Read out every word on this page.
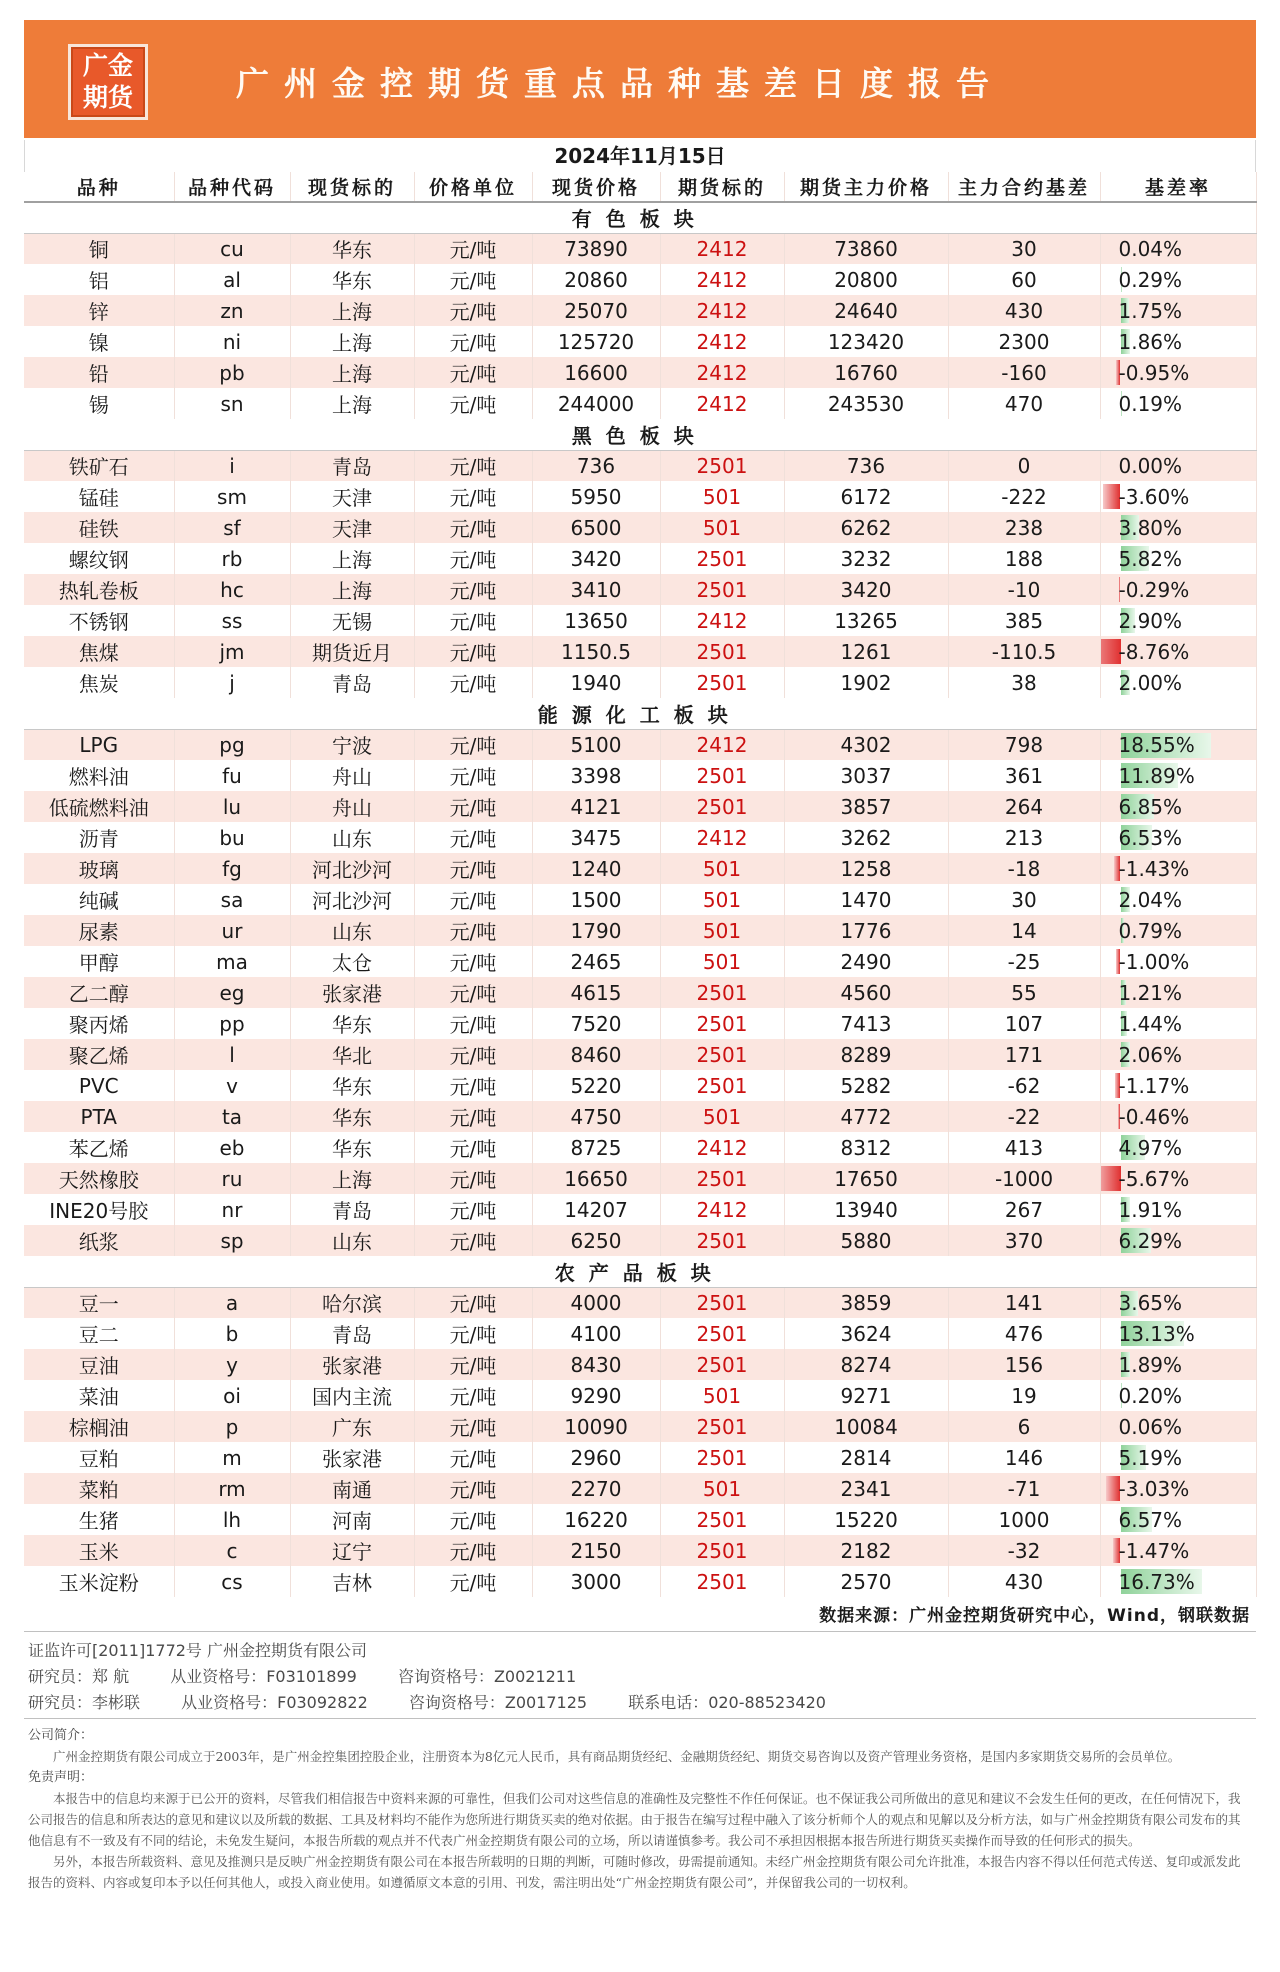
广金
期货	广州金控期货重点品种基差日度报告
2024年11月15日
品种	品种代码	现货标的	价格单位	现货价格	期货标的	期货主力价格	主力合约基差	基差率
有色板块								
铜	cu	华东	元/吨	73890	2412	73860	30	0.04%
铝	al	华东	元/吨	20860	2412	20800	60	0.29%
锌	zn	上海	元/吨	25070	2412	24640	430	1.75%
镍	ni	上海	元/吨	125720	2412	123420	2300	1.86%
铅	pb	上海	元/吨	16600	2412	16760	-160	-0.95%
锡	sn	上海	元/吨	244000	2412	243530	470	0.19%
黑色板块								
铁矿石	i	青岛	元/吨	736	2501	736	0	0.00%
锰硅	sm	天津	元/吨	5950	501	6172	-222	-3.60%
硅铁	sf	天津	元/吨	6500	501	6262	238	3.80%
螺纹钢	rb	上海	元/吨	3420	2501	3232	188	5.82%
热轧卷板	hc	上海	元/吨	3410	2501	3420	-10	-0.29%
不锈钢	ss	无锡	元/吨	13650	2412	13265	385	2.90%
焦煤	jm	期货近月	元/吨	1150.5	2501	1261	-110.5	-8.76%
焦炭	j	青岛	元/吨	1940	2501	1902	38	2.00%
能源化工板块								
LPG	pg	宁波	元/吨	5100	2412	4302	798	18.55%
燃料油	fu	舟山	元/吨	3398	2501	3037	361	11.89%
低硫燃料油	lu	舟山	元/吨	4121	2501	3857	264	6.85%
沥青	bu	山东	元/吨	3475	2412	3262	213	6.53%
玻璃	fg	河北沙河	元/吨	1240	501	1258	-18	-1.43%
纯碱	sa	河北沙河	元/吨	1500	501	1470	30	2.04%
尿素	ur	山东	元/吨	1790	501	1776	14	0.79%
甲醇	ma	太仓	元/吨	2465	501	2490	-25	-1.00%
乙二醇	eg	张家港	元/吨	4615	2501	4560	55	1.21%
聚丙烯	pp	华东	元/吨	7520	2501	7413	107	1.44%
聚乙烯	l	华北	元/吨	8460	2501	8289	171	2.06%
PVC	v	华东	元/吨	5220	2501	5282	-62	-1.17%
PTA	ta	华东	元/吨	4750	501	4772	-22	-0.46%
苯乙烯	eb	华东	元/吨	8725	2412	8312	413	4.97%
天然橡胶	ru	上海	元/吨	16650	2501	17650	-1000	-5.67%
INE20号胶	nr	青岛	元/吨	14207	2412	13940	267	1.91%
纸浆	sp	山东	元/吨	6250	2501	5880	370	6.29%
农产品板块								
豆一	a	哈尔滨	元/吨	4000	2501	3859	141	3.65%
豆二	b	青岛	元/吨	4100	2501	3624	476	13.13%
豆油	y	张家港	元/吨	8430	2501	8274	156	1.89%
菜油	oi	国内主流	元/吨	9290	501	9271	19	0.20%
棕榈油	p	广东	元/吨	10090	2501	10084	6	0.06%
豆粕	m	张家港	元/吨	2960	2501	2814	146	5.19%
菜粕	rm	南通	元/吨	2270	501	2341	-71	-3.03%
生猪	lh	河南	元/吨	16220	2501	15220	1000	6.57%
玉米	c	辽宁	元/吨	2150	2501	2182	-32	-1.47%
玉米淀粉	cs	吉林	元/吨	3000	2501	2570	430	16.73%
数据来源：广州金控期货研究中心，Wind，钢联数据
证监许可[2011]1772号 广州金控期货有限公司
研究员：郑 航	从业资格号：F03101899	咨询资格号：Z0021211
研究员：李彬联	从业资格号：F03092822	咨询资格号：Z0017125	联系电话：020-88523420
公司简介：

广州金控期货有限公司成立于2003年，是广州金控集团控股企业，注册资本为8亿元人民币，具有商品期货经纪、金融期货经纪、期货交易咨询以及资产管理业务资格，是国内多家期货交易所的会员单位。

免责声明：

本报告中的信息均来源于已公开的资料，尽管我们相信报告中资料来源的可靠性，但我们公司对这些信息的准确性及完整性不作任何保证。也不保证我公司所做出的意见和建议不会发生任何的更改，在任何情况下，我公司报告的信息和所表达的意见和建议以及所载的数据、工具及材料均不能作为您所进行期货买卖的绝对依据。由于报告在编写过程中融入了该分析师个人的观点和见解以及分析方法，如与广州金控期货有限公司发布的其他信息有不一致及有不同的结论，未免发生疑问，本报告所载的观点并不代表广州金控期货有限公司的立场，所以请谨慎参考。我公司不承担因根据本报告所进行期货买卖操作而导致的任何形式的损失。

另外，本报告所载资料、意见及推测只是反映广州金控期货有限公司在本报告所载明的日期的判断，可随时修改，毋需提前通知。未经广州金控期货有限公司允许批准，本报告内容不得以任何范式传送、复印或派发此报告的资料、内容或复印本予以任何其他人，或投入商业使用。如遵循原文本意的引用、刊发，需注明出处“广州金控期货有限公司”，并保留我公司的一切权利。
